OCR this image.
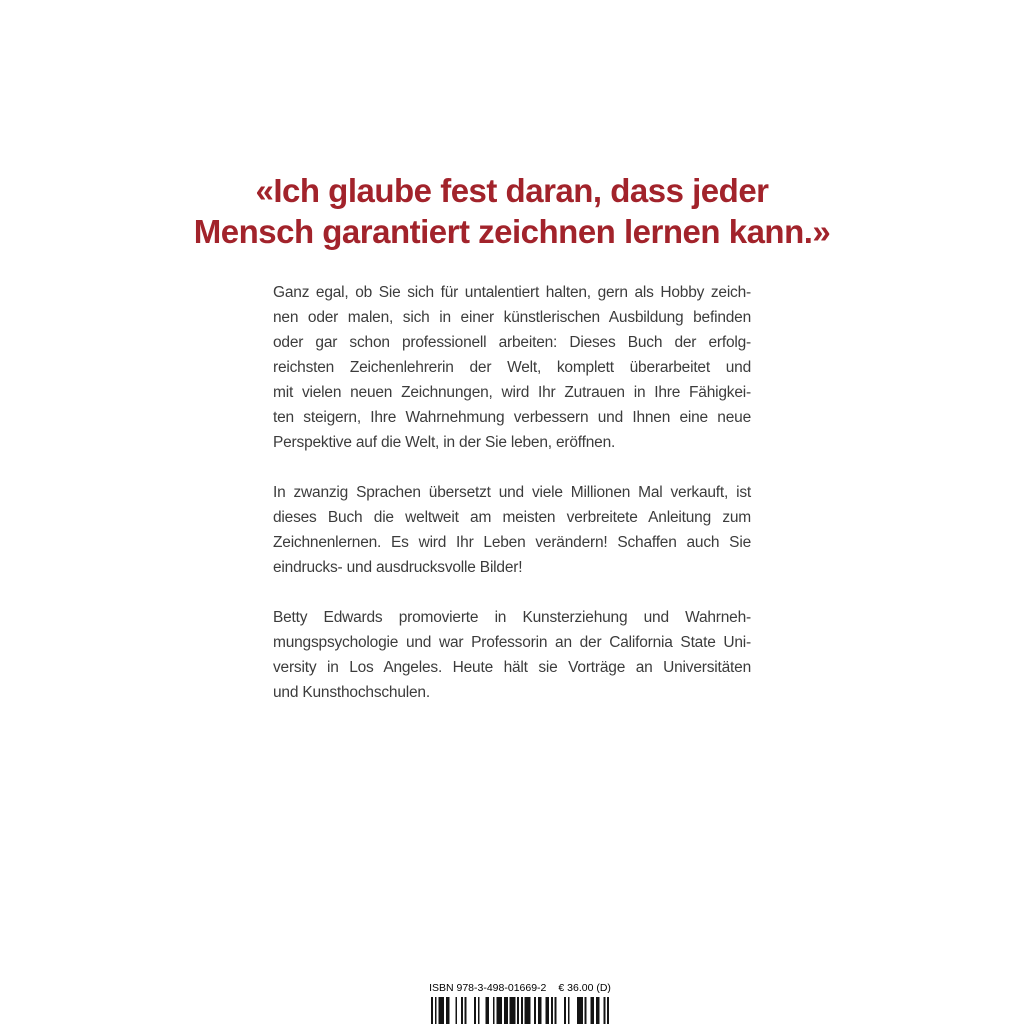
«Ich glaube fest daran, dass jeder
Mensch garantiert zeichnen lernen kann.»

Ganz egal, ob Sie sich für untalentiert halten, gern als Hobby zeich-
nen oder malen, sich in einer künstlerischen Ausbildung befinden
oder gar schon professionell arbeiten: Dieses Buch der erfolg-
reichsten Zeichenlehrerin der Welt, komplett überarbeitet und
mit vielen neuen Zeichnungen, wird Ihr Zutrauen in Ihre Fähigkei-
ten steigern, Ihre Wahrnehmung verbessern und Ihnen eine neue
Perspektive auf die Welt, in der Sie leben, eröffnen.

In zwanzig Sprachen übersetzt und viele Millionen Mal verkauft, ist
dieses Buch die weltweit am meisten verbreitete Anleitung zum
Zeichnenlernen. Es wird Ihr Leben verändern! Schaffen auch Sie
eindrucks- und ausdrucksvolle Bilder!

Betty Edwards promovierte in Kunsterziehung und Wahrneh-
mungspsychologie und war Professorin an der California State Uni-
versity in Los Angeles. Heute hält sie Vorträge an Universitäten
und Kunsthochschulen.

ISBN 978-3-498-01669-2 € 36.00 (D)
